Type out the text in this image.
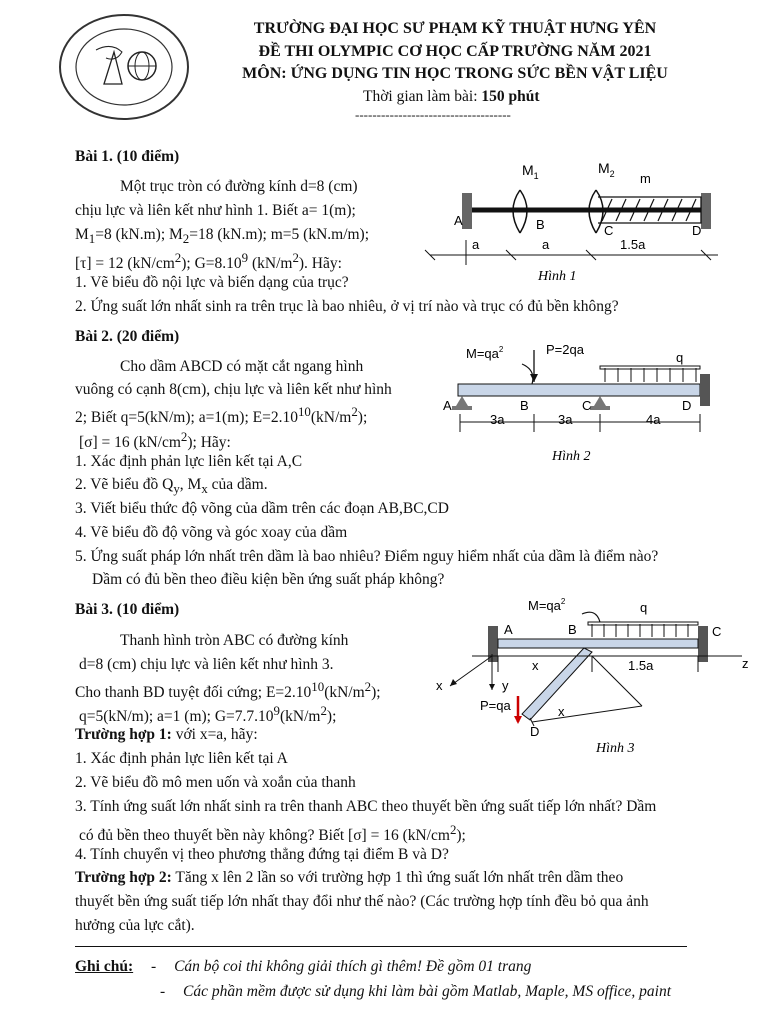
TRƯỜNG ĐẠI HỌC SƯ PHẠM KỸ THUẬT HƯNG YÊN
ĐỀ THI OLYMPIC CƠ HỌC CẤP TRƯỜNG NĂM 2021
MÔN: ỨNG DỤNG TIN HỌC TRONG SỨC BỀN VẬT LIỆU
Thời gian làm bài: 150 phút
------------------------------------
Bài 1. (10 điểm)
Một trục tròn có đường kính d=8 (cm)
chịu lực và liên kết như hình 1. Biết a= 1(m);
$M_1=8$ (kN.m); $M_2=18$ (kN.m); m=5 (kN.m/m);
[τ] = 12 $(kN/cm^2)$; $G=8.10^9$ $(kN/m^2)$. Hãy:
1. Vẽ biểu đồ nội lực và biến dạng của trục?
2. Ứng suất lớn nhất sinh ra trên trục là bao nhiêu, ở vị trí nào và trục có đủ bền không?
$M_1$	$M_2$ m
A	B	C	D
a	a	1.5a
Hình 1
Bài 2. (20 điểm)
Cho dầm ABCD có mặt cắt ngang hình
vuông có cạnh 8(cm), chịu lực và liên kết như hình
2; Biết q=5(kN/m); a=1(m); $E=2.10^{10}(kN/m^2)$;
[σ] = 16 $(kN/cm^2)$; Hãy:
1. Xác định phản lực liên kết tại A,C
2. Vẽ biểu đồ $Q_y$, $M_x$ của dầm.
3. Viết biểu thức độ võng của dầm trên các đoạn AB,BC,CD
4. Vẽ biểu đồ độ võng và góc xoay của dầm
5. Ứng suất pháp lớn nhất trên dầm là bao nhiêu? Điểm nguy hiểm nhất của dầm là điểm nào?
Dầm có đủ bền theo điều kiện bền ứng suất pháp không?
$M=qa^2$	P=2qa
q
A	B	C	D
3a	3a	4a
Hình 2
Bài 3. (10 điểm)
Thanh hình tròn ABC có đường kính
d=8 (cm) chịu lực và liên kết như hình 3.
Cho thanh BD tuyệt đối cứng; $E=2.10^{10}(kN/m^2)$;
q=5(kN/m); a=1 (m); $G=7.7.10^9(kN/m^2)$;
Trường hợp 1: với x=a, hãy:
1. Xác định phản lực liên kết tại A
2. Vẽ biểu đồ mô men uốn và xoắn của thanh
3. Tính ứng suất lớn nhất sinh ra trên thanh ABC theo thuyết bền ứng suất tiếp lớn nhất? Dầm
có đủ bền theo thuyết bền này không? Biết [σ] = 16 $(kN/cm^2)$;
4. Tính chuyển vị theo phương thẳng đứng tại điểm B và D?
Trường hợp 2: Tăng x lên 2 lần so với trường hợp 1 thì ứng suất lớn nhất trên dầm theo
thuyết bền ứng suất tiếp lớn nhất thay đổi như thế nào? (Các trường hợp tính đều bỏ qua ảnh
hưởng của lực cắt).
$M=qa^2$	q
A	B	C
x	1.5a	z
x	y
P=qa	x
D
Hình 3
Ghi chú: - Cán bộ coi thi không giải thích gì thêm! Đề gồm 01 trang
- Các phần mềm được sử dụng khi làm bài gồm Matlab, Maple, MS office, paint
